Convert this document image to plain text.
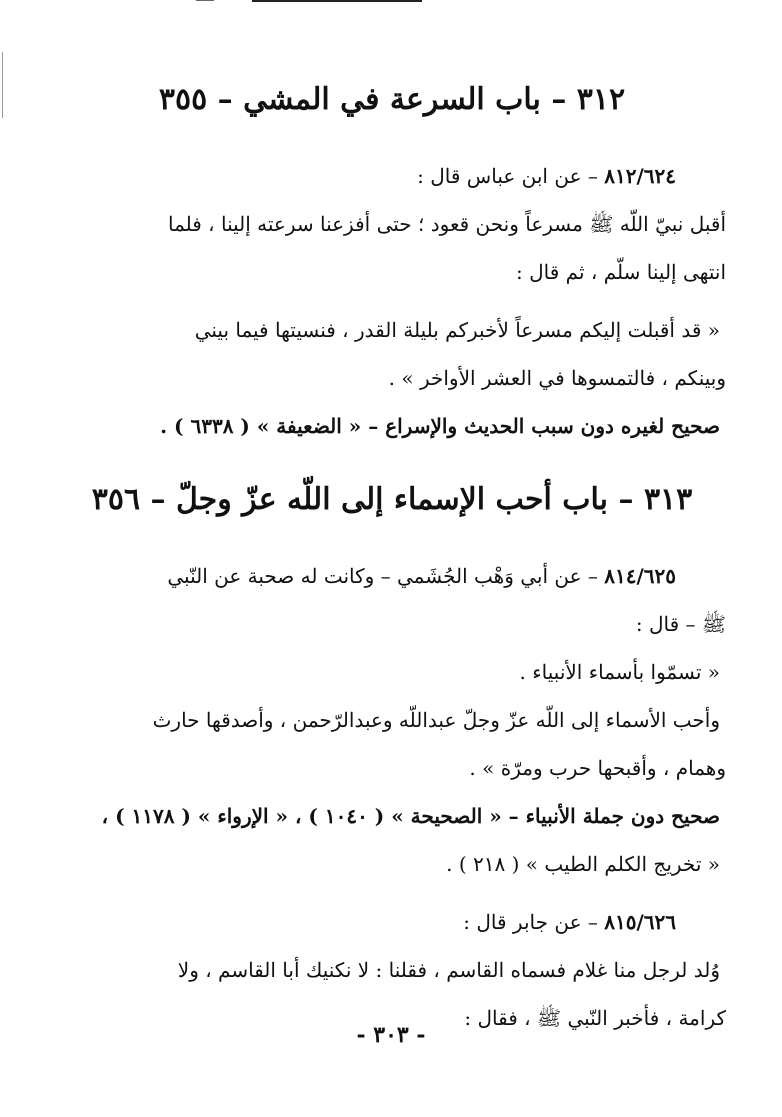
٣١٢ – باب السرعة في المشي – ٣٥٥
٨١٢/٦٢٤ – عن ابن عباس قال :
أقبل نبيّ اللّه ﷺ مسرعاً ونحن قعود ؛ حتى أفزعنا سرعته إلينا ، فلما
انتهى إلينا سلّم ، ثم قال :
« قد أقبلت إليكم مسرعاً لأخبركم بليلة القدر ، فنسيتها فيما بيني
وبينكم ، فالتمسوها في العشر الأواخر » .
صحيح لغيره دون سبب الحديث والإسراع – « الضعيفة » ( ٦٣٣٨ ) .
٣١٣ – باب أحب الإسماء إلى اللّه عزّ وجلّ – ٣٥٦
٨١٤/٦٢٥ – عن أبي وَهْب الجُشَمي – وكانت له صحبة عن النّبي
ﷺ – قال :
« تسمّوا بأسماء الأنبياء .
وأحب الأسماء إلى اللّه عزّ وجلّ عبداللّه وعبدالرّحمن ، وأصدقها حارث
وهمام ، وأقبحها حرب ومرّة » .
صحيح دون جملة الأنبياء – « الصحيحة » ( ١٠٤٠ ) ، « الإرواء » ( ١١٧٨ ) ،
« تخريج الكلم الطيب » ( ٢١٨ ) .
٨١٥/٦٢٦ – عن جابر قال :
وُلد لرجل منا غلام فسماه القاسم ، فقلنا : لا نكنيك أبا القاسم ، ولا
كرامة ، فأخبر النّبي ﷺ ، فقال :
- ٣٠٣ -
